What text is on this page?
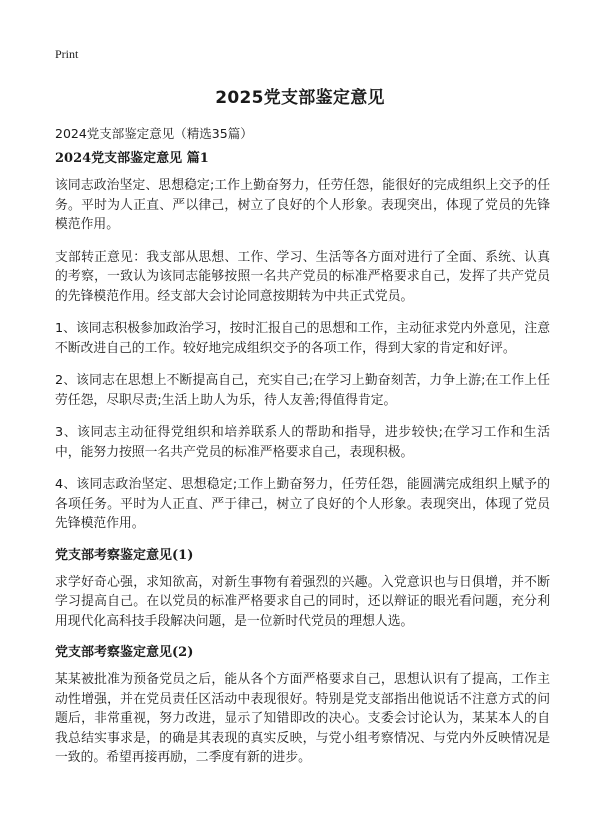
Print
2025党支部鉴定意见
2024党支部鉴定意见（精选35篇）
2024党支部鉴定意见 篇1

该同志政治坚定、思想稳定;工作上勤奋努力，任劳任怨，能很好的完成组织上交予的任务。平时为人正直、严以律己，树立了良好的个人形象。表现突出，体现了党员的先锋模范作用。

支部转正意见：我支部从思想、工作、学习、生活等各方面对进行了全面、系统、认真的考察，一致认为该同志能够按照一名共产党员的标准严格要求自己，发挥了共产党员的先锋模范作用。经支部大会讨论同意按期转为中共正式党员。

1、该同志积极参加政治学习，按时汇报自己的思想和工作，主动征求党内外意见，注意不断改进自己的工作。较好地完成组织交予的各项工作，得到大家的肯定和好评。

2、该同志在思想上不断提高自己，充实自己;在学习上勤奋刻苦，力争上游;在工作上任劳任怨，尽职尽责;生活上助人为乐，待人友善;得值得肯定。

3、该同志主动征得党组织和培养联系人的帮助和指导，进步较快;在学习工作和生活中，能努力按照一名共产党员的标准严格要求自己，表现积极。

4、该同志政治坚定、思想稳定;工作上勤奋努力，任劳任怨，能圆满完成组织上赋予的各项任务。平时为人正直、严于律己，树立了良好的个人形象。表现突出，体现了党员先锋模范作用。

党支部考察鉴定意见(1)

求学好奇心强，求知欲高，对新生事物有着强烈的兴趣。入党意识也与日俱增，并不断学习提高自己。在以党员的标准严格要求自己的同时，还以辩证的眼光看问题，充分利用现代化高科技手段解决问题，是一位新时代党员的理想人选。

党支部考察鉴定意见(2)

某某被批准为预备党员之后，能从各个方面严格要求自己，思想认识有了提高，工作主动性增强，并在党员责任区活动中表现很好。特别是党支部指出他说话不注意方式的问题后，非常重视，努力改进，显示了知错即改的决心。支委会讨论认为，某某本人的自我总结实事求是，的确是其表现的真实反映，与党小组考察情况、与党内外反映情况是一致的。希望再接再励，二季度有新的进步。
